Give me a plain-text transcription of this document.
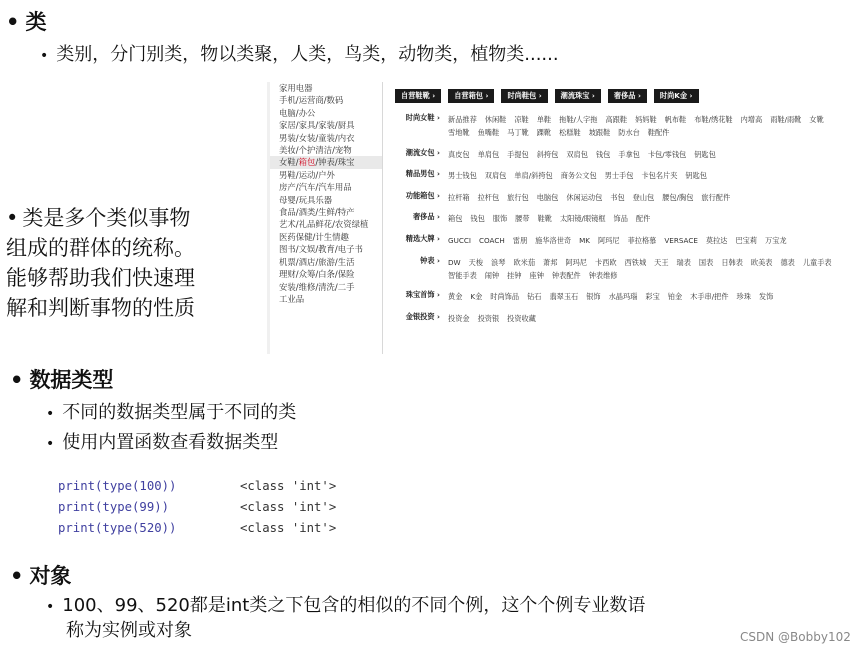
• 类
• 类别，分门别类，物以类聚，人类，鸟类，动物类，植物类......
• 类是多个类似事物
组成的群体的统称。
能够帮助我们快速理
解和判断事物的性质
家用电器
手机/运营商/数码
电脑/办公
家居/家具/家装/厨具
男装/女装/童装/内衣
美妆/个护清洁/宠物
女鞋/箱包/钟表/珠宝
男鞋/运动/户外
房产/汽车/汽车用品
母婴/玩具乐器
食品/酒类/生鲜/特产
艺术/礼品鲜花/农资绿植
医药保健/计生情趣
图书/文娱/教育/电子书
机票/酒店/旅游/生活
理财/众筹/白条/保险
安装/维修/清洗/二手
工业品
自营鞋靴 ›	自营箱包 ›	时尚鞋包 ›	潮流珠宝 ›	奢侈品 ›	时尚K金 ›
时尚女鞋 ›	新品推荐 休闲鞋 凉鞋 单鞋 拖鞋/人字拖 高跟鞋 妈妈鞋 帆布鞋 布鞋/绣花鞋 内增高 雨鞋/雨靴 女靴雪地靴 鱼嘴鞋 马丁靴 踝靴 松糕鞋 坡跟鞋 防水台 鞋配件
潮流女包 ›	真皮包 单肩包 手提包 斜挎包 双肩包 钱包 手拿包 卡包/零钱包 钥匙包
精品男包 ›	男士钱包 双肩包 单肩/斜挎包 商务公文包 男士手包 卡包名片夹 钥匙包
功能箱包 ›	拉杆箱 拉杆包 旅行包 电脑包 休闲运动包 书包 登山包 腰包/胸包 旅行配件
奢侈品 ›	箱包 钱包 服饰 腰带 鞋靴 太阳镜/眼镜框 饰品 配件
精选大牌 ›	GUCCI COACH 雷朋 施华洛世奇 MK 阿玛尼 菲拉格慕 VERSACE 莫拉达 巴宝莉 万宝龙
钟表 ›	DW 天梭 浪琴 欧米茄 萧邦 阿玛尼 卡西欧 西铁城 天王 瑞表 国表 日韩表 欧美表 德表 儿童手表智能手表 闹钟 挂钟 座钟 钟表配件 钟表维修
珠宝首饰 ›	黄金 K金 时尚饰品 钻石 翡翠玉石 银饰 水晶玛瑙 彩宝 铂金 木手串/把件 珍珠 发饰
金银投资 ›	投资金 投资银 投资收藏
• 数据类型
• 不同的数据类型属于不同的类
• 使用内置函数查看数据类型
print(type(100))	<class 'int'>
print(type(99))	<class 'int'>
print(type(520))	<class 'int'>
• 对象
• 100、99、520都是int类之下包含的相似的不同个例，这个个例专业数语
称为实例或对象	CSDN @Bobby102
